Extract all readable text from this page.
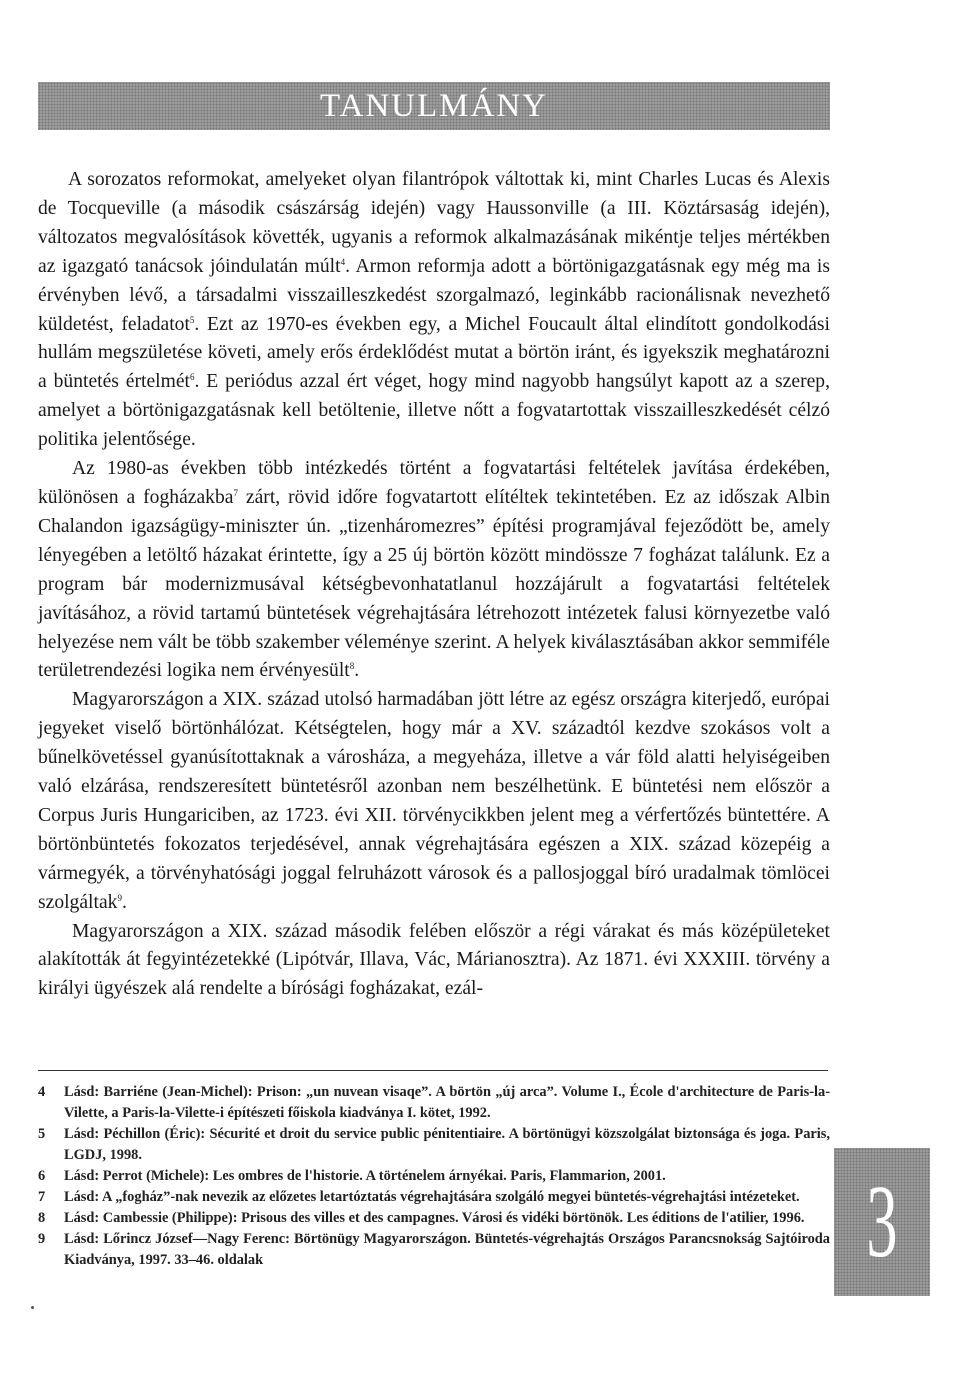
TANULMÁNY

A sorozatos reformokat, amelyeket olyan filantrópok váltottak ki, mint Charles Lucas és Alexis de Tocqueville (a második császárság idején) vagy Haussonville (a III. Köztársaság idején), változatos megvalósítások követték, ugyanis a reformok alkalmazásának mikéntje teljes mértékben az igazgató tanácsok jóindulatán múlt$^4$. Armon reformja adott a börtönigazgatásnak egy még ma is érvényben lévő, a társadalmi visszailleszkedést szorgalmazó, leginkább racionálisnak nevezhető küldetést, feladatot$^5$. Ezt az 1970-es években egy, a Michel Foucault által elindított gondolkodási hullám megszületése követi, amely erős érdeklődést mutat a börtön iránt, és igyekszik meghatározni a büntetés értelmét$^6$. E periódus azzal ért véget, hogy mind nagyobb hangsúlyt kapott az a szerep, amelyet a börtönigazgatásnak kell betöltenie, illetve nőtt a fogvatartottak visszailleszkedését célzó politika jelentősége.

Az 1980-as években több intézkedés történt a fogvatartási feltételek javítása érdekében, különösen a fogházakba$^7$ zárt, rövid időre fogvatartott elítéltek tekintetében. Ez az időszak Albin Chalandon igazságügy-miniszter ún. „tizenháromezres” építési programjával fejeződött be, amely lényegében a letöltő házakat érintette, így a 25 új börtön között mindössze 7 fogházat találunk. Ez a program bár modernizmusával kétségbevonhatatlanul hozzájárult a fogvatartási feltételek javításához, a rövid tartamú büntetések végrehajtására létrehozott intézetek falusi környezetbe való helyezése nem vált be több szakember véleménye szerint. A helyek kiválasztásában akkor semmiféle területrendezési logika nem érvényesült$^8$.

Magyarországon a XIX. század utolsó harmadában jött létre az egész országra kiterjedő, európai jegyeket viselő börtönhálózat. Kétségtelen, hogy már a XV. századtól kezdve szokásos volt a bűnelkövetéssel gyanúsítottaknak a városháza, a megyeháza, illetve a vár föld alatti helyiségeiben való elzárása, rendszeresített büntetésről azonban nem beszélhetünk. E büntetési nem először a Corpus Juris Hungariciben, az 1723. évi XII. törvénycikkben jelent meg a vérfertőzés büntettére. A börtönbüntetés fokozatos terjedésével, annak végrehajtására egészen a XIX. század közepéig a vármegyék, a törvényhatósági joggal felruházott városok és a pallosjoggal bíró uradalmak tömlöcei szolgáltak$^9$.

Magyarországon a XIX. század második felében először a régi várakat és más középületeket alakították át fegyintézetekké (Lipótvár, Illava, Vác, Márianosztra). Az 1871. évi XXXIII. törvény a királyi ügyészek alá rendelte a bírósági fogházakat, ezál-

4	Lásd: Barriéne (Jean-Michel): Prison: „un nuvean visaqe”. A börtön „új arca”. Volume I., École d'architecture de Paris-la-Vilette, a Paris-la-Vilette-i építészeti főiskola kiadványa I. kötet, 1992.
5	Lásd: Péchillon (Éric): Sécurité et droit du service public pénitentiaire. A börtönügyi közszolgálat biztonsága és joga. Paris, LGDJ, 1998.
6	Lásd: Perrot (Michele): Les ombres de l'historie. A történelem árnyékai. Paris, Flammarion, 2001.
7	Lásd: A „fogház”-nak nevezik az előzetes letartóztatás végrehajtására szolgáló megyei büntetés-végrehajtási intézeteket.
8	Lásd: Cambessie (Philippe): Prisous des villes et des campagnes. Városi és vidéki börtönök. Les éditions de l'atilier, 1996.
9	Lásd: Lőrincz József—Nagy Ferenc: Börtönügy Magyarországon. Büntetés-végrehajtás Országos Parancsnokság Sajtóiroda Kiadványa, 1997. 33–46. oldalak	3
